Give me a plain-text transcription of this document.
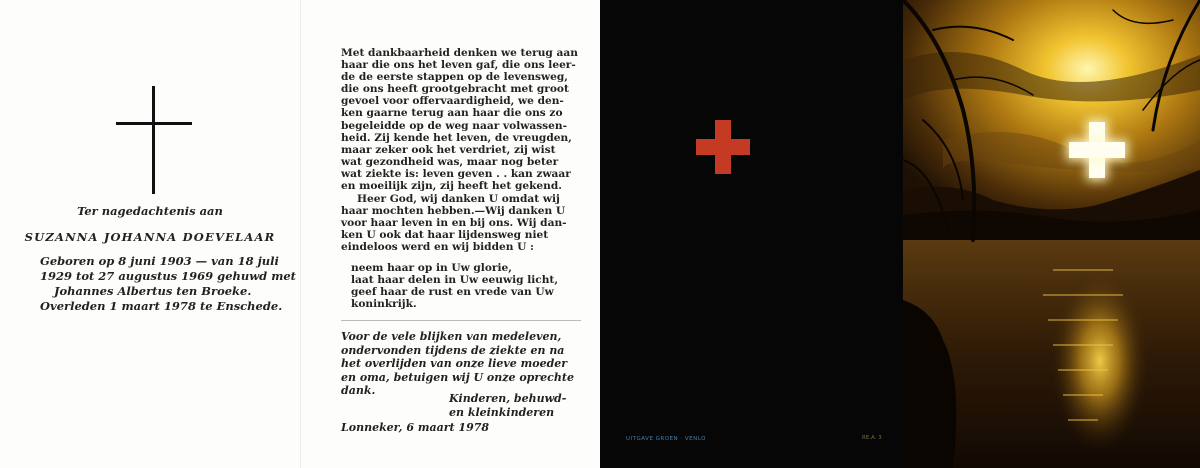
Ter nagedachtenis aan
SUZANNA JOHANNA DOEVELAAR
Geboren op 8 juni 1903 — van 18 juli
1929 tot 27 augustus 1969 gehuwd met
Johannes Albertus ten Broeke.
Overleden 1 maart 1978 te Enschede.
Met dankbaarheid denken we terug aan
haar die ons het leven gaf, die ons leer-
de de eerste stappen op de levensweg,
die ons heeft grootgebracht met groot
gevoel voor offervaardigheid, we den-
ken gaarne terug aan haar die ons zo
begeleidde op de weg naar volwassen-
heid. Zij kende het leven, de vreugden,
maar zeker ook het verdriet, zij wist
wat gezondheid was, maar nog beter
wat ziekte is: leven geven . . kan zwaar
en moeilijk zijn, zij heeft het gekend.
Heer God, wij danken U omdat wij
haar mochten hebben.—Wij danken U
voor haar leven in en bij ons. Wij dan-
ken U ook dat haar lijdensweg niet
eindeloos werd en wij bidden U :
neem haar op in Uw glorie,
laat haar delen in Uw eeuwig licht,
geef haar de rust en vrede van Uw
koninkrijk.
Voor de vele blijken van medeleven,
ondervonden tijdens de ziekte en na
het overlijden van onze lieve moeder
en oma, betuigen wij U onze oprechte
dank.
Kinderen, behuwd-
en kleinkinderen
Lonneker, 6 maart 1978
UITGAVE GROEN · VENLO	RE.A. 3
